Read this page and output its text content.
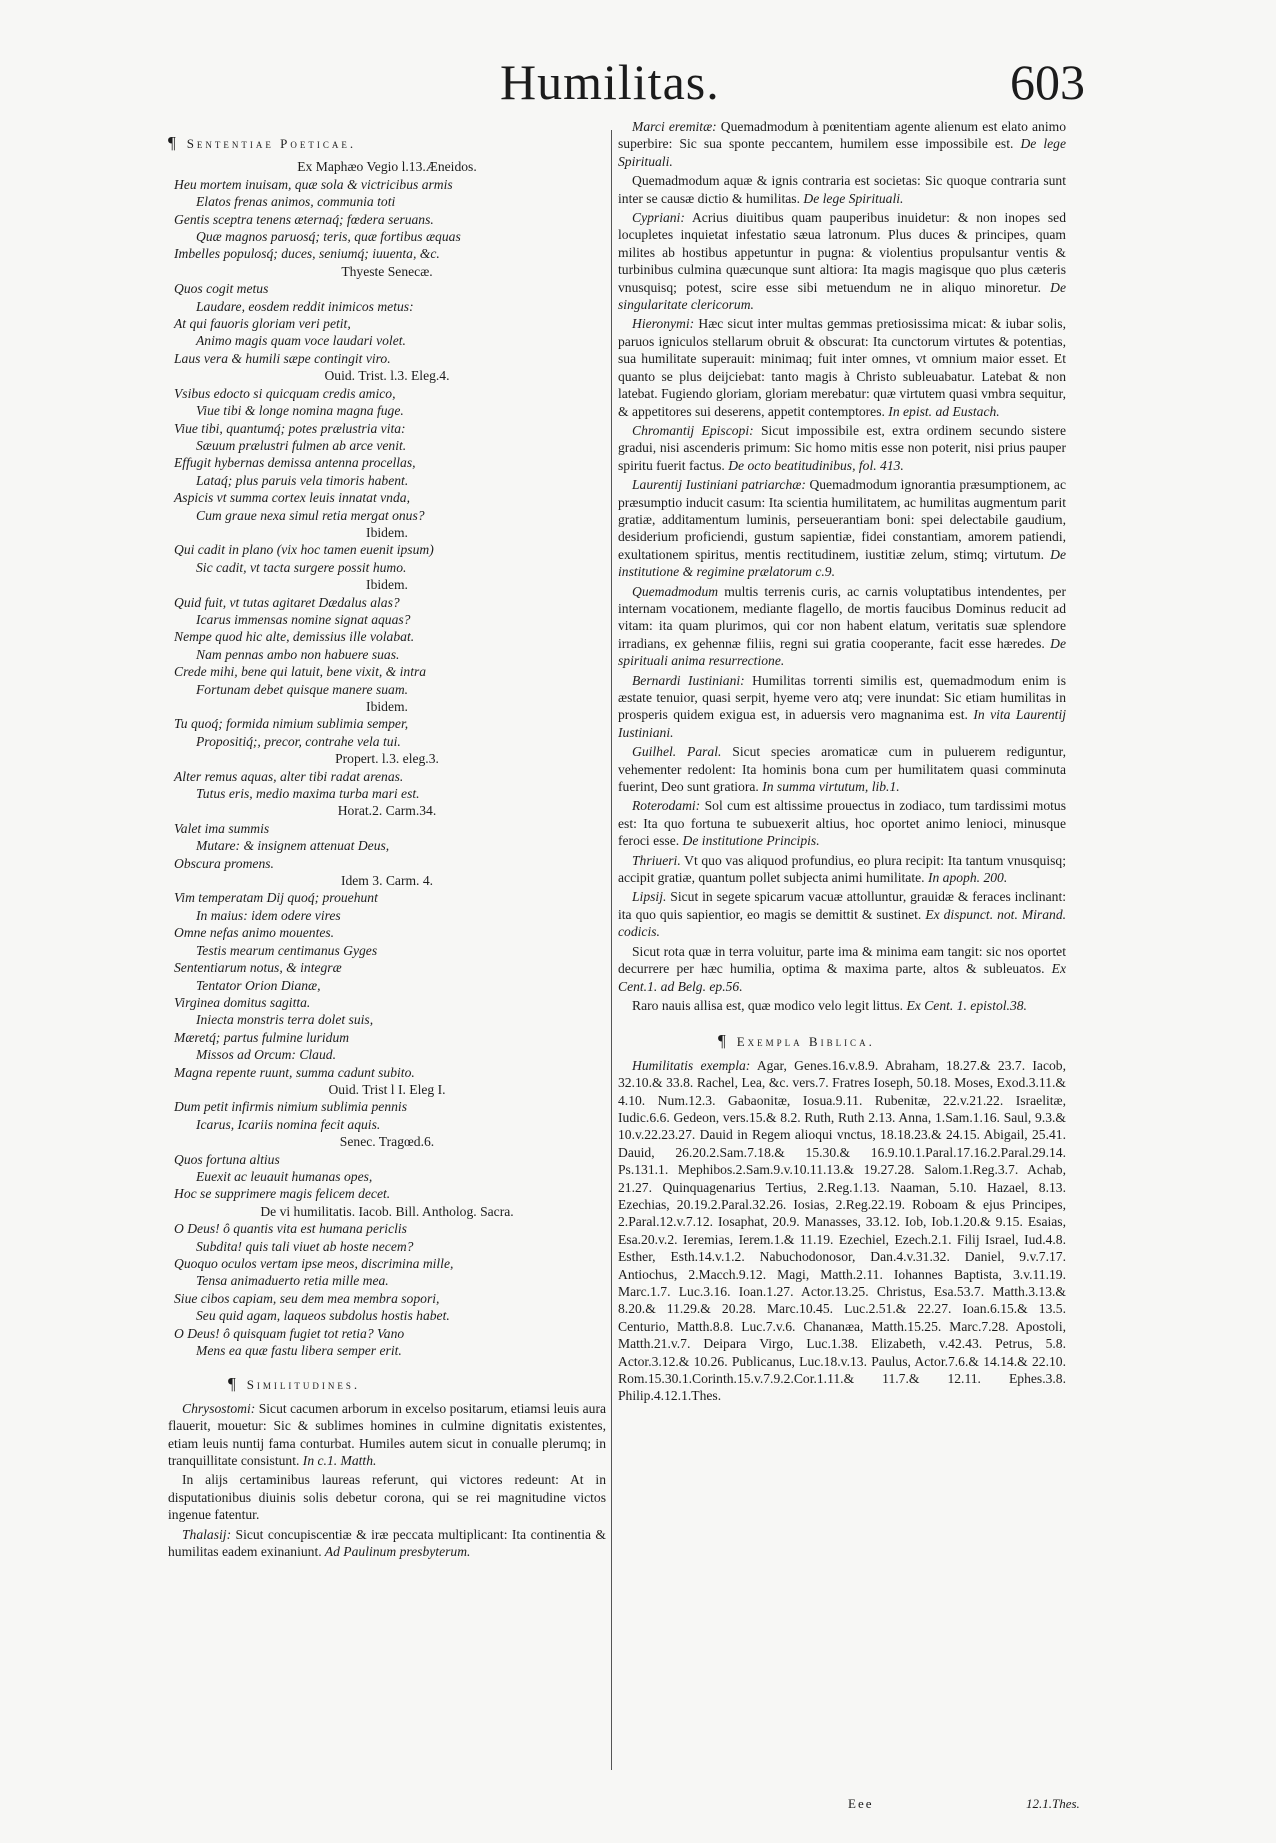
Humilitas.	603
¶ Sententiae Poeticae.

Ex Maphæo Vegio l.13.Æneidos.

Heu mortem inuisam, quæ sola & victricibus armis

Elatos frenas animos, communia toti

Gentis sceptra tenens æternaq́; fœdera seruans.

Quæ magnos paruosq́; teris, quæ fortibus æquas

Imbelles populosq́; duces, seniumq́; iuuenta, &c.

Thyeste Senecæ.

Quos cogit metus

Laudare, eosdem reddit inimicos metus:

At qui fauoris gloriam veri petit,

Animo magis quam voce laudari volet.

Laus vera & humili sæpe contingit viro.

Ouid. Trist. l.3. Eleg.4.

Vsibus edocto si quicquam credis amico,

Viue tibi & longe nomina magna fuge.

Viue tibi, quantumq́; potes prælustria vita:

Sæuum prælustri fulmen ab arce venit.

Effugit hybernas demissa antenna procellas,

Lataq́; plus paruis vela timoris habent.

Aspicis vt summa cortex leuis innatat vnda,

Cum graue nexa simul retia mergat onus?

Ibidem.

Qui cadit in plano (vix hoc tamen euenit ipsum)

Sic cadit, vt tacta surgere possit humo.

Ibidem.

Quid fuit, vt tutas agitaret Dædalus alas?

Icarus immensas nomine signat aquas?

Nempe quod hic alte, demissius ille volabat.

Nam pennas ambo non habuere suas.

Crede mihi, bene qui latuit, bene vixit, & intra

Fortunam debet quisque manere suam.

Ibidem.

Tu quoq́; formida nimium sublimia semper,

Propositiq́;, precor, contrahe vela tui.

Propert. l.3. eleg.3.

Alter remus aquas, alter tibi radat arenas.

Tutus eris, medio maxima turba mari est.

Horat.2. Carm.34.

Valet ima summis

Mutare: & insignem attenuat Deus,

Obscura promens.

Idem 3. Carm. 4.

Vim temperatam Dij quoq́; prouehunt

In maius: idem odere vires

Omne nefas animo mouentes.

Testis mearum centimanus Gyges

Sententiarum notus, & integræ

Tentator Orion Dianæ,

Virginea domitus sagitta.

Iniecta monstris terra dolet suis,

Mæretq́; partus fulmine luridum

Missos ad Orcum: Claud.

Magna repente ruunt, summa cadunt subito.

Ouid. Trist l I. Eleg I.

Dum petit infirmis nimium sublimia pennis

Icarus, Icariis nomina fecit aquis.

Senec. Tragœd.6.

Quos fortuna altius

Euexit ac leuauit humanas opes,

Hoc se supprimere magis felicem decet.

De vi humilitatis. Iacob. Bill. Antholog. Sacra.

O Deus! ô quantis vita est humana periclis

Subdita! quis tali viuet ab hoste necem?

Quoquo oculos vertam ipse meos, discrimina mille,

Tensa animaduerto retia mille mea.

Siue cibos capiam, seu dem mea membra sopori,

Seu quid agam, laqueos subdolus hostis habet.

O Deus! ô quisquam fugiet tot retia? Vano

Mens ea quæ fastu libera semper erit.

¶ Similitudines.

Chrysostomi: Sicut cacumen arborum in excelso positarum, etiamsi leuis aura flauerit, mouetur: Sic & sublimes homines in culmine dignitatis existentes, etiam leuis nuntij fama conturbat. Humiles autem sicut in conualle plerumq; in tranquillitate consistunt. In c.1. Matth.

In alijs certaminibus laureas referunt, qui victores redeunt: At in disputationibus diuinis solis debetur corona, qui se rei magnitudine victos ingenue fatentur.

Thalasij: Sicut concupiscentiæ & iræ peccata multiplicant: Ita continentia & humilitas eadem exinaniunt. Ad Paulinum presbyterum.

Marci eremitæ: Quemadmodum à pœnitentiam agente alienum est elato animo superbire: Sic sua sponte peccantem, humilem esse impossibile est. De lege Spirituali.

Quemadmodum aquæ & ignis contraria est societas: Sic quoque contraria sunt inter se causæ dictio & humilitas. De lege Spirituali.

Cypriani: Acrius diuitibus quam pauperibus inuidetur: & non inopes sed locupletes inquietat infestatio sæua latronum. Plus duces & principes, quam milites ab hostibus appetuntur in pugna: & violentius propulsantur ventis & turbinibus culmina quæcunque sunt altiora: Ita magis magisque quo plus cæteris vnusquisq; potest, scire esse sibi metuendum ne in aliquo minoretur. De singularitate clericorum.

Hieronymi: Hæc sicut inter multas gemmas pretiosissima micat: & iubar solis, paruos igniculos stellarum obruit & obscurat: Ita cunctorum virtutes & potentias, sua humilitate superauit: minimaq; fuit inter omnes, vt omnium maior esset. Et quanto se plus deijciebat: tanto magis à Christo subleuabatur. Latebat & non latebat. Fugiendo gloriam, gloriam merebatur: quæ virtutem quasi vmbra sequitur, & appetitores sui deserens, appetit contemptores. In epist. ad Eustach.

Chromantij Episcopi: Sicut impossibile est, extra ordinem secundo sistere gradui, nisi ascenderis primum: Sic homo mitis esse non poterit, nisi prius pauper spiritu fuerit factus. De octo beatitudinibus, fol. 413.

Laurentij Iustiniani patriarchæ: Quemadmodum ignorantia præsumptionem, ac præsumptio inducit casum: Ita scientia humilitatem, ac humilitas augmentum parit gratiæ, additamentum luminis, perseuerantiam boni: spei delectabile gaudium, desiderium proficiendi, gustum sapientiæ, fidei constantiam, amorem patiendi, exultationem spiritus, mentis rectitudinem, iustitiæ zelum, stimq; virtutum. De institutione & regimine prælatorum c.9.

Quemadmodum multis terrenis curis, ac carnis voluptatibus intendentes, per internam vocationem, mediante flagello, de mortis faucibus Dominus reducit ad vitam: ita quam plurimos, qui cor non habent elatum, veritatis suæ splendore irradians, ex gehennæ filiis, regni sui gratia cooperante, facit esse hæredes. De spirituali anima resurrectione.

Bernardi Iustiniani: Humilitas torrenti similis est, quemadmodum enim is æstate tenuior, quasi serpit, hyeme vero atq; vere inundat: Sic etiam humilitas in prosperis quidem exigua est, in aduersis vero magnanima est. In vita Laurentij Iustiniani.

Guilhel. Paral. Sicut species aromaticæ cum in puluerem rediguntur, vehementer redolent: Ita hominis bona cum per humilitatem quasi comminuta fuerint, Deo sunt gratiora. In summa virtutum, lib.1.

Roterodami: Sol cum est altissime prouectus in zodiaco, tum tardissimi motus est: Ita quo fortuna te subuexerit altius, hoc oportet animo lenioci, minusque feroci esse. De institutione Principis.

Thriueri. Vt quo vas aliquod profundius, eo plura recipit: Ita tantum vnusquisq; accipit gratiæ, quantum pollet subjecta animi humilitate. In apoph. 200.

Lipsij. Sicut in segete spicarum vacuæ attolluntur, grauidæ & feraces inclinant: ita quo quis sapientior, eo magis se demittit & sustinet. Ex dispunct. not. Mirand. codicis.

Sicut rota quæ in terra voluitur, parte ima & minima eam tangit: sic nos oportet decurrere per hæc humilia, optima & maxima parte, altos & subleuatos. Ex Cent.1. ad Belg. ep.56.

Raro nauis allisa est, quæ modico velo legit littus. Ex Cent. 1. epistol.38.

¶ Exempla Biblica.

Humilitatis exempla: Agar, Genes.16.v.8.9. Abraham, 18.27.& 23.7. Iacob, 32.10.& 33.8. Rachel, Lea, &c. vers.7. Fratres Ioseph, 50.18. Moses, Exod.3.11.& 4.10. Num.12.3. Gabaonitæ, Iosua.9.11. Rubenitæ, 22.v.21.22. Israelitæ, Iudic.6.6. Gedeon, vers.15.& 8.2. Ruth, Ruth 2.13. Anna, 1.Sam.1.16. Saul, 9.3.& 10.v.22.23.27. Dauid in Regem alioqui vnctus, 18.18.23.& 24.15. Abigail, 25.41. Dauid, 26.20.2.Sam.7.18.& 15.30.& 16.9.10.1.Paral.17.16.2.Paral.29.14. Ps.131.1. Mephibos.2.Sam.9.v.10.11.13.& 19.27.28. Salom.1.Reg.3.7. Achab, 21.27. Quinquagenarius Tertius, 2.Reg.1.13. Naaman, 5.10. Hazael, 8.13. Ezechias, 20.19.2.Paral.32.26. Iosias, 2.Reg.22.19. Roboam & ejus Principes, 2.Paral.12.v.7.12. Iosaphat, 20.9. Manasses, 33.12. Iob, Iob.1.20.& 9.15. Esaias, Esa.20.v.2. Ieremias, Ierem.1.& 11.19. Ezechiel, Ezech.2.1. Filij Israel, Iud.4.8. Esther, Esth.14.v.1.2. Nabuchodonosor, Dan.4.v.31.32. Daniel, 9.v.7.17. Antiochus, 2.Macch.9.12. Magi, Matth.2.11. Iohannes Baptista, 3.v.11.19. Marc.1.7. Luc.3.16. Ioan.1.27. Actor.13.25. Christus, Esa.53.7. Matth.3.13.& 8.20.& 11.29.& 20.28. Marc.10.45. Luc.2.51.& 22.27. Ioan.6.15.& 13.5. Centurio, Matth.8.8. Luc.7.v.6. Chananæa, Matth.15.25. Marc.7.28. Apostoli, Matth.21.v.7. Deipara Virgo, Luc.1.38. Elizabeth, v.42.43. Petrus, 5.8. Actor.3.12.& 10.26. Publicanus, Luc.18.v.13. Paulus, Actor.7.6.& 14.14.& 22.10. Rom.15.30.1.Corinth.15.v.7.9.2.Cor.1.11.& 11.7.& 12.11. Ephes.3.8. Philip.4.12.1.Thes.

Eee	12.1.Thes.
